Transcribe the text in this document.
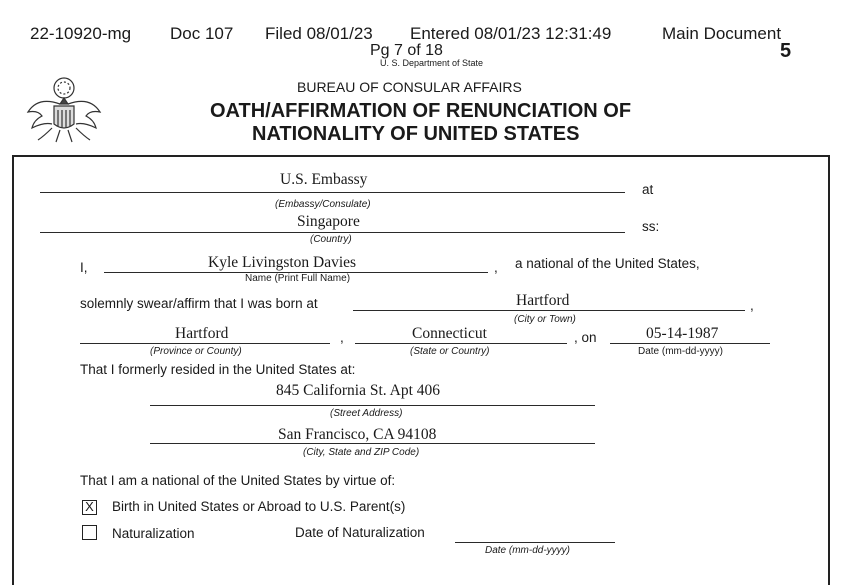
22-10920-mg Doc 107 Filed 08/01/23 Entered 08/01/23 12:31:49	Main Document
Pg 7 of 18	5
U. S. Department of State
BUREAU OF CONSULAR AFFAIRS
OATH/AFFIRMATION OF RENUNCIATION OF
NATIONALITY OF UNITED STATES
U.S. Embassy
at
(Embassy/Consulate)
Singapore	ss:
(Country)
I,	Kyle Livingston Davies	, a national of the United States,
Name (Print Full Name)
solemnly swear/affirm that I was born at	Hartford	,
(City or Town)
Hartford	,	Connecticut	, on	05-14-1987
(Province or County)	(State or Country)	Date (mm-dd-yyyy)
That I formerly resided in the United States at:
845 California St. Apt 406
(Street Address)
San Francisco, CA 94108
(City, State and ZIP Code)
That I am a national of the United States by virtue of:
X Birth in United States or Abroad to U.S. Parent(s)
Naturalization	Date of Naturalization
Date (mm-dd-yyyy)
